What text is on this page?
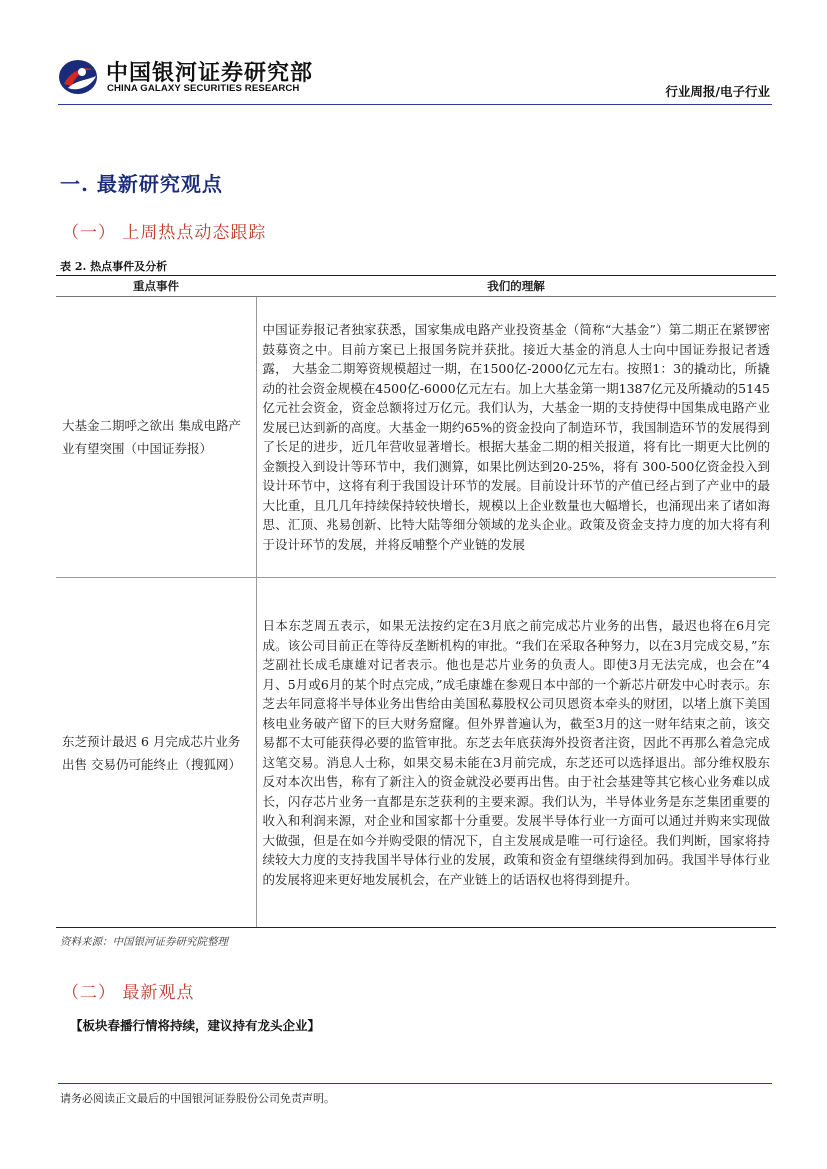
中国银河证券研究部
CHINA GALAXY SECURITIES RESEARCH	行业周报/电子行业
一. 最新研究观点
（一） 上周热点动态跟踪
表 2. 热点事件及分析
重点事件	我们的理解
大基金二期呼之欲出 集成电路产业有望突围（中国证券报）	中国证券报记者独家获悉，国家集成电路产业投资基金（简称“大基金”）第二期正在紧锣密鼓募资之中。目前方案已上报国务院并获批。接近大基金的消息人士向中国证券报记者透露， 大基金二期筹资规模超过一期，在1500亿-2000亿元左右。按照1：3的撬动比，所撬动的社会资金规模在4500亿-6000亿元左右。加上大基金第一期1387亿元及所撬动的5145亿元社会资金，资金总额将过万亿元。我们认为，大基金一期的支持使得中国集成电路产业发展已达到新的高度。大基金一期约65%的资金投向了制造环节，我国制造环节的发展得到了长足的进步，近几年营收显著增长。根据大基金二期的相关报道，将有比一期更大比例的金额投入到设计等环节中，我们测算，如果比例达到20-25%，将有 300-500亿资金投入到设计环节中，这将有利于我国设计环节的发展。目前设计环节的产值已经占到了产业中的最大比重，且几几年持续保持较快增长，规模以上企业数量也大幅增长，也涌现出来了诸如海思、汇顶、兆易创新、比特大陆等细分领域的龙头企业。政策及资金支持力度的加大将有利于设计环节的发展，并将反哺整个产业链的发展
东芝预计最迟 6 月完成芯片业务出售 交易仍可能终止（搜狐网）	日本东芝周五表示，如果无法按约定在3月底之前完成芯片业务的出售，最迟也将在6月完成。该公司目前正在等待反垄断机构的审批。“我们在采取各种努力，以在3月完成交易，”东芝副社长成毛康雄对记者表示。他也是芯片业务的负责人。即使3月无法完成，也会在”4月、5月或6月的某个时点完成，”成毛康雄在参观日本中部的一个新芯片研发中心时表示。东芝去年同意将半导体业务出售给由美国私募股权公司贝恩资本牵头的财团，以堵上旗下美国核电业务破产留下的巨大财务窟窿。但外界普遍认为，截至3月的这一财年结束之前，该交易都不太可能获得必要的监管审批。东芝去年底获海外投资者注资，因此不再那么着急完成这笔交易。消息人士称，如果交易未能在3月前完成，东芝还可以选择退出。部分维权股东反对本次出售，称有了新注入的资金就没必要再出售。由于社会基建等其它核心业务难以成长，闪存芯片业务一直都是东芝获利的主要来源。我们认为，半导体业务是东芝集团重要的收入和利润来源，对企业和国家都十分重要。发展半导体行业一方面可以通过并购来实现做大做强，但是在如今并购受限的情况下，自主发展成是唯一可行途径。我们判断，国家将持续较大力度的支持我国半导体行业的发展，政策和资金有望继续得到加码。我国半导体行业的发展将迎来更好地发展机会，在产业链上的话语权也将得到提升。
资料来源：中国银河证券研究院整理
（二） 最新观点
【板块春播行情将持续，建议持有龙头企业】
请务必阅读正文最后的中国银河证券股份公司免责声明。
